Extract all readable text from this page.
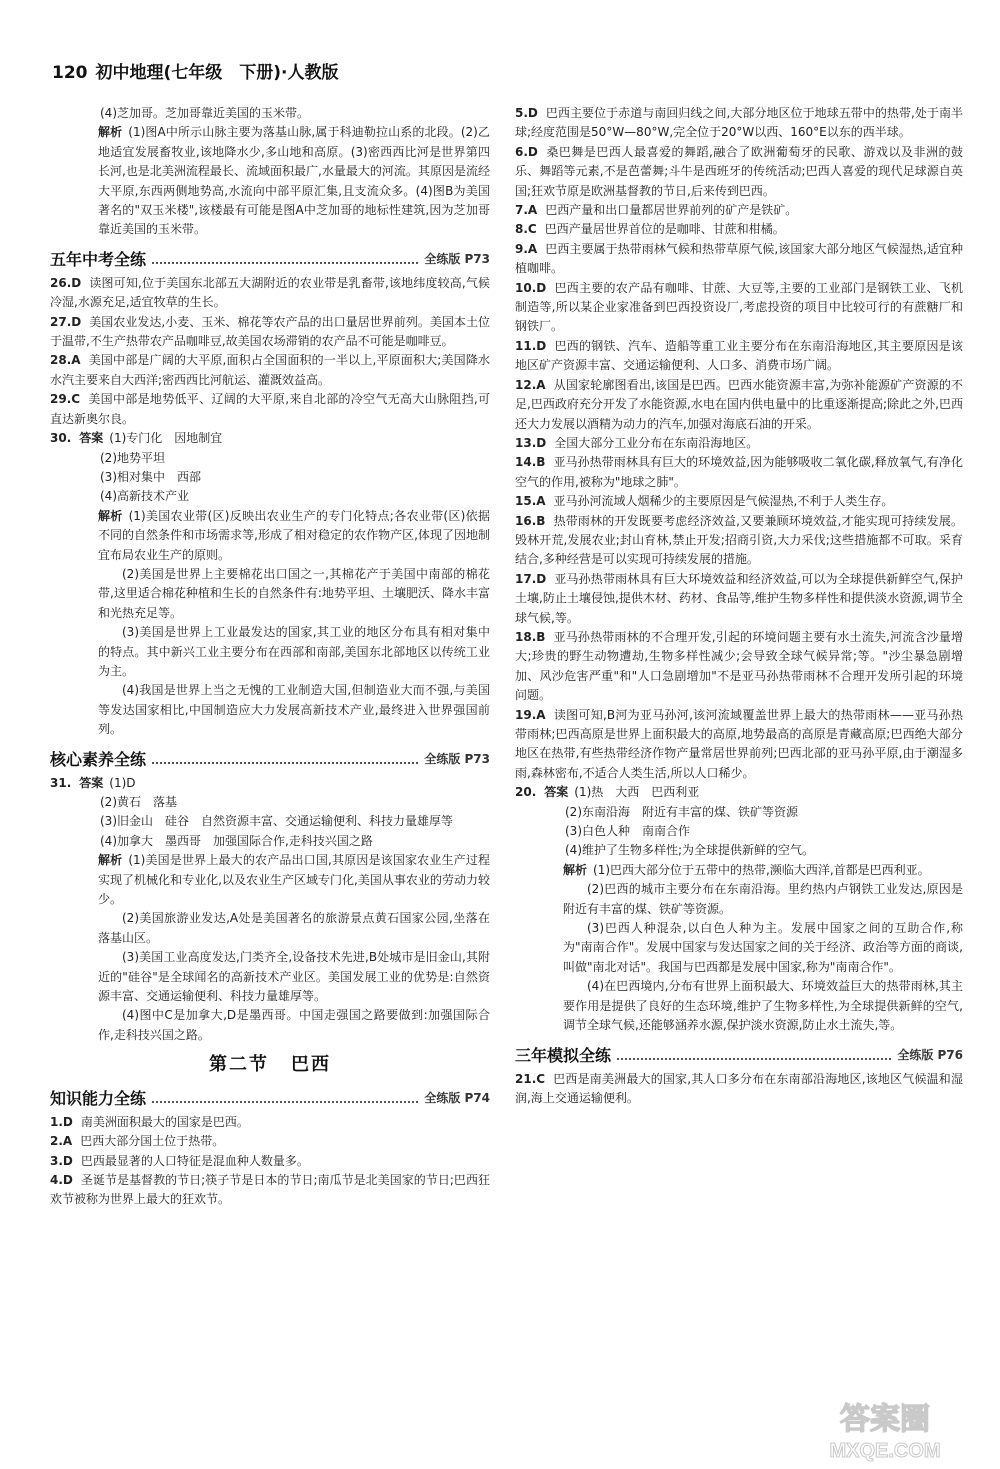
120 初中地理(七年级　下册)·人教版

(4)芝加哥。芝加哥靠近美国的玉米带。

解析 (1)图A中所示山脉主要为落基山脉,属于科迪勒拉山系的北段。(2)乙地适宜发展畜牧业,该地降水少,多山地和高原。(3)密西西比河是世界第四长河,也是北美洲流程最长、流域面积最广,水量最大的河流。其原因是流经大平原,东西两侧地势高,水流向中部平原汇集,且支流众多。(4)图B为美国著名的"双玉米楼",该楼最有可能是图A中芝加哥的地标性建筑,因为芝加哥靠近美国的玉米带。

五年中考全练	全练版 P73

26.D 读图可知,位于美国东北部五大湖附近的农业带是乳畜带,该地纬度较高,气候冷湿,水源充足,适宜牧草的生长。

27.D 美国农业发达,小麦、玉米、棉花等农产品的出口量居世界前列。美国本土位于温带,不生产热带农产品咖啡豆,故美国农场滞销的农产品不可能是咖啡豆。

28.A 美国中部是广阔的大平原,面积占全国面积的一半以上,平原面积大;美国降水水汽主要来自大西洋;密西西比河航运、灌溉效益高。

29.C 美国中部是地势低平、辽阔的大平原,来自北部的冷空气无高大山脉阻挡,可直达新奥尔良。

30. 答案 (1)专门化　因地制宜

(2)地势平坦

(3)相对集中　西部

(4)高新技术产业

解析 (1)美国农业带(区)反映出农业生产的专门化特点;各农业带(区)依据不同的自然条件和市场需求等,形成了相对稳定的农作物产区,体现了因地制宜布局农业生产的原则。

(2)美国是世界上主要棉花出口国之一,其棉花产于美国中南部的棉花带,这里适合棉花种植和生长的自然条件有:地势平坦、土壤肥沃、降水丰富和光热充足等。

(3)美国是世界上工业最发达的国家,其工业的地区分布具有相对集中的特点。其中新兴工业主要分布在西部和南部,美国东北部地区以传统工业为主。

(4)我国是世界上当之无愧的工业制造大国,但制造业大而不强,与美国等发达国家相比,中国制造应大力发展高新技术产业,最终进入世界强国前列。

核心素养全练	全练版 P73

31. 答案 (1)D

(2)黄石　落基

(3)旧金山　硅谷　自然资源丰富、交通运输便利、科技力量雄厚等

(4)加拿大　墨西哥　加强国际合作,走科技兴国之路

解析 (1)美国是世界上最大的农产品出口国,其原因是该国家农业生产过程实现了机械化和专业化,以及农业生产区域专门化,美国从事农业的劳动力较少。

(2)美国旅游业发达,A处是美国著名的旅游景点黄石国家公园,坐落在落基山区。

(3)美国工业高度发达,门类齐全,设备技术先进,B处城市是旧金山,其附近的"硅谷"是全球闻名的高新技术产业区。美国发展工业的优势是:自然资源丰富、交通运输便利、科技力量雄厚等。

(4)图中C是加拿大,D是墨西哥。中国走强国之路要做到:加强国际合作,走科技兴国之路。

第二节 巴西
知识能力全练	全练版 P74

1.D 南美洲面积最大的国家是巴西。

2.A 巴西大部分国土位于热带。

3.D 巴西最显著的人口特征是混血种人数量多。

4.D 圣诞节是基督教的节日;筷子节是日本的节日;南瓜节是北美国家的节日;巴西狂欢节被称为世界上最大的狂欢节。

5.D 巴西主要位于赤道与南回归线之间,大部分地区位于地球五带中的热带,处于南半球;经度范围是50°W—80°W,完全位于20°W以西、160°E以东的西半球。

6.D 桑巴舞是巴西人最喜爱的舞蹈,融合了欧洲葡萄牙的民歌、游戏以及非洲的鼓乐、舞蹈等元素,不是芭蕾舞;斗牛是西班牙的传统活动;巴西人喜爱的现代足球源自英国;狂欢节原是欧洲基督教的节日,后来传到巴西。

7.A 巴西产量和出口量都居世界前列的矿产是铁矿。

8.C 巴西产量居世界首位的是咖啡、甘蔗和柑橘。

9.A 巴西主要属于热带雨林气候和热带草原气候,该国家大部分地区气候湿热,适宜种植咖啡。

10.D 巴西主要的农产品有咖啡、甘蔗、大豆等,主要的工业部门是钢铁工业、飞机制造等,所以某企业家准备到巴西投资设厂,考虑投资的项目中比较可行的有蔗糖厂和钢铁厂。

11.D 巴西的钢铁、汽车、造船等重工业主要分布在东南沿海地区,其主要原因是该地区矿产资源丰富、交通运输便利、人口多、消费市场广阔。

12.A 从国家轮廓图看出,该国是巴西。巴西水能资源丰富,为弥补能源矿产资源的不足,巴西政府充分开发了水能资源,水电在国内供电量中的比重逐渐提高;除此之外,巴西还大力发展以酒精为动力的汽车,加强对海底石油的开采。

13.D 全国大部分工业分布在东南沿海地区。

14.B 亚马孙热带雨林具有巨大的环境效益,因为能够吸收二氧化碳,释放氧气,有净化空气的作用,被称为"地球之肺"。

15.A 亚马孙河流域人烟稀少的主要原因是气候湿热,不利于人类生存。

16.B 热带雨林的开发既要考虑经济效益,又要兼顾环境效益,才能实现可持续发展。毁林开荒,发展农业;封山育林,禁止开发;招商引资,大力采伐;这些措施都不可取。采育结合,多种经营是可以实现可持续发展的措施。

17.D 亚马孙热带雨林具有巨大环境效益和经济效益,可以为全球提供新鲜空气,保护土壤,防止土壤侵蚀,提供木材、药材、食品等,维护生物多样性和提供淡水资源,调节全球气候,等。

18.B 亚马孙热带雨林的不合理开发,引起的环境问题主要有水土流失,河流含沙量增大;珍贵的野生动物遭劫,生物多样性减少;会导致全球气候异常;等。"沙尘暴急剧增加、风沙危害严重"和"人口急剧增加"不是亚马孙热带雨林不合理开发所引起的环境问题。

19.A 读图可知,B河为亚马孙河,该河流域覆盖世界上最大的热带雨林——亚马孙热带雨林;巴西高原是世界上面积最大的高原,地势最高的高原是青藏高原;巴西绝大部分地区在热带,有些热带经济作物产量常居世界前列;巴西北部的亚马孙平原,由于潮湿多雨,森林密布,不适合人类生活,所以人口稀少。

20. 答案 (1)热　大西　巴西利亚

(2)东南沿海　附近有丰富的煤、铁矿等资源

(3)白色人种　南南合作

(4)维护了生物多样性;为全球提供新鲜的空气。

解析 (1)巴西大部分位于五带中的热带,濒临大西洋,首都是巴西利亚。

(2)巴西的城市主要分布在东南沿海。里约热内卢钢铁工业发达,原因是附近有丰富的煤、铁矿等资源。

(3)巴西人种混杂,以白色人种为主。发展中国家之间的互助合作,称为"南南合作"。发展中国家与发达国家之间的关于经济、政治等方面的商谈,叫做"南北对话"。我国与巴西都是发展中国家,称为"南南合作"。

(4)在巴西境内,分布有世界上面积最大、环境效益巨大的热带雨林,其主要作用是提供了良好的生态环境,维护了生物多样性,为全球提供新鲜的空气,调节全球气候,还能够涵养水源,保护淡水资源,防止水土流失,等。

三年模拟全练	全练版 P76

21.C 巴西是南美洲最大的国家,其人口多分布在东南部沿海地区,该地区气候温和湿润,海上交通运输便利。

答案圈
MXQE.COM
